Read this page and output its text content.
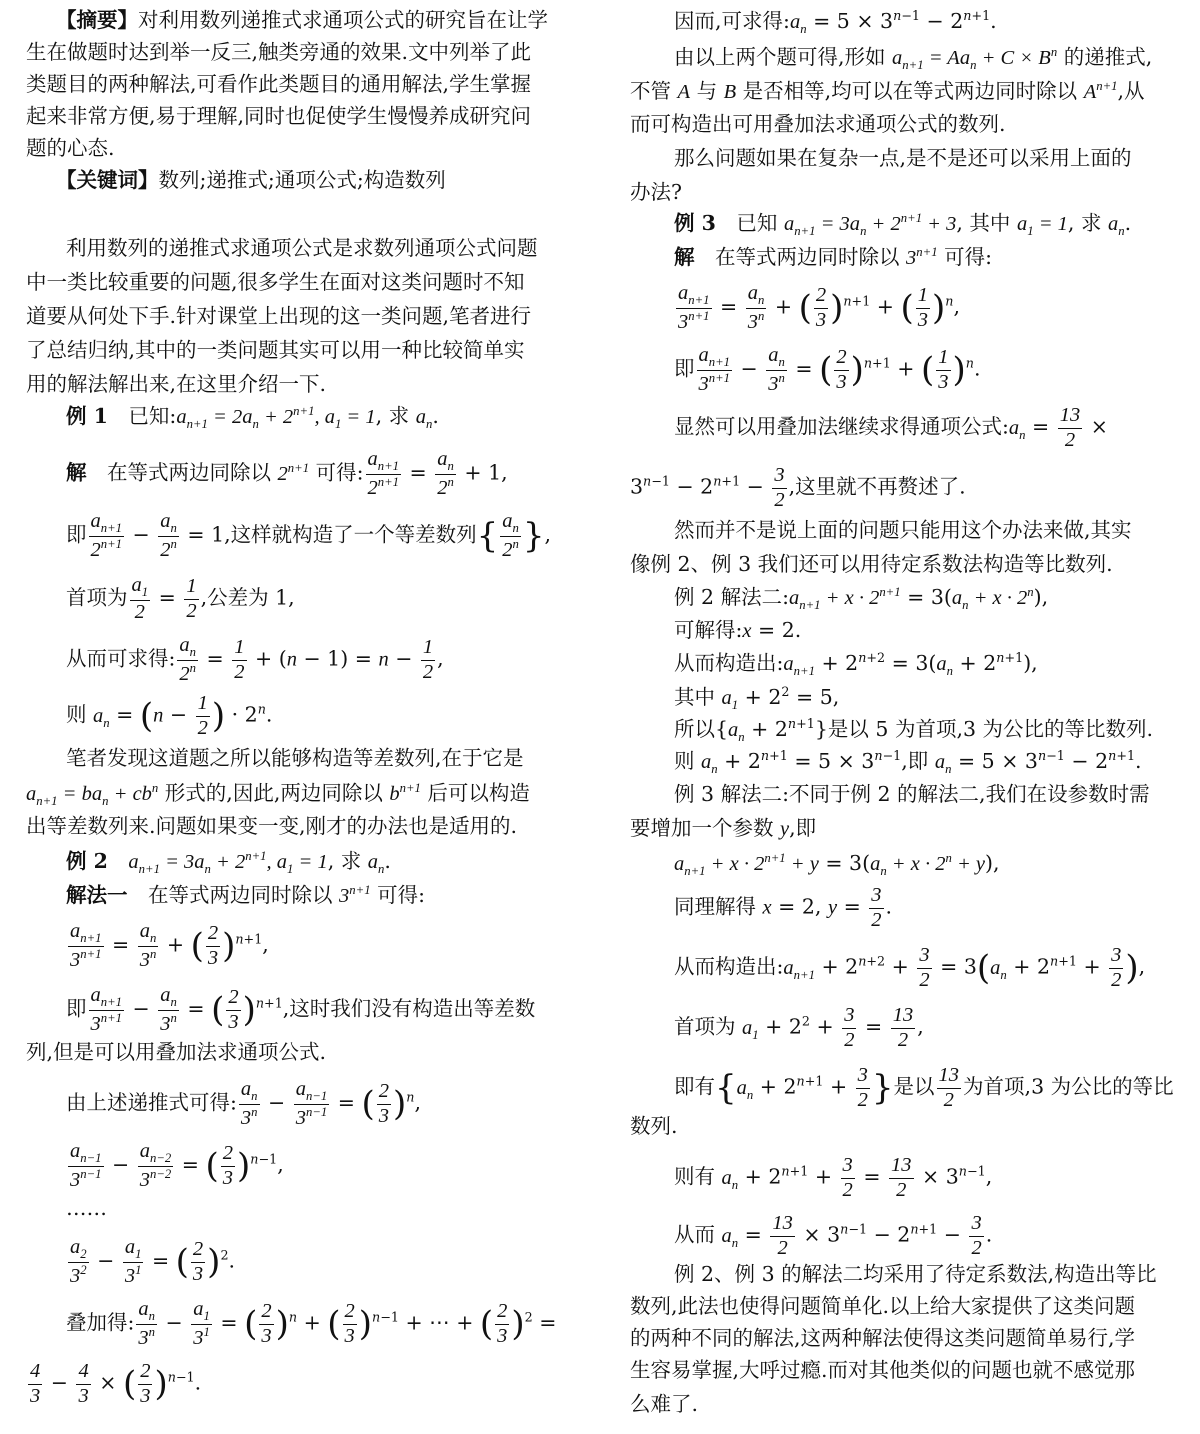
【摘要】对利用数列递推式求通项公式的研究旨在让学
生在做题时达到举一反三,触类旁通的效果.文中列举了此
类题目的两种解法,可看作此类题目的通用解法,学生掌握
起来非常方便,易于理解,同时也促使学生慢慢养成研究问
题的心态.
【关键词】数列;递推式;通项公式;构造数列
利用数列的递推式求通项公式是求数列通项公式问题
中一类比较重要的问题,很多学生在面对这类问题时不知
道要从何处下手.针对课堂上出现的这一类问题,笔者进行
了总结归纳,其中的一类问题其实可以用一种比较简单实
用的解法解出来,在这里介绍一下.
例 1　已知$:a_{n+1} = 2a_n + 2^{n+1}$, $a_1 = 1$, 求 $a_n$.
解　在等式两边同除以 $2^{n+1}$ 可得: $\frac{a_{n+1}}{2^{n+1}} = \frac{a_n}{2^n} + 1$,
即 $\frac{a_{n+1}}{2^{n+1}} - \frac{a_n}{2^n} = 1$,这样就构造了一个等差数列{ $\frac{a_n}{2^n}$ },
首项为 $\frac{a_1}{2} = \frac{1}{2}$ ,公差为 1,
从而可求得: $\frac{a_n}{2^n} = \frac{1}{2} + (n - 1) = n - \frac{1}{2}$ ,
则 $a_n = (n - \frac{1}{2}$ ) · $2^n$.
笔者发现这道题之所以能够构造等差数列,在于它是
$a_{n+1} = ba_n + cb^n$ 形式的,因此,两边同除以 $b^{n+1}$ 后可以构造
出等差数列来.问题如果变一变,刚才的办法也是适用的.
例 2　 $a_{n+1} = 3a_n + 2^{n+1}$, $a_1 = 1$, 求 $a_n$.
解法一　在等式两边同时除以 $3^{n+1}$ 可得:
$\frac{a_{n+1}}{3^{n+1}} = \frac{a_n}{3^n}$ + ( $\frac{2}{3} )^{n+1}$,
即 $\frac{a_{n+1}}{3^{n+1}} - \frac{a_n}{3^n}$ = ( $\frac{2}{3} )^{n+1}$,这时我们没有构造出等差数
列,但是可以用叠加法求通项公式.
由上述递推式可得: $\frac{a_n}{3^n} - \frac{a_{n-1}}{3^{n-1}}$ = ( $\frac{2}{3} )^n$,
$\frac{a_{n-1}}{3^{n-1}} - \frac{a_{n-2}}{3^{n-2}}$ = ( $\frac{2}{3} )^{n-1}$,
……
$\frac{a_2}{3^2} - \frac{a_1}{3^1}$ = ( $\frac{2}{3} )^2$.
叠加得: $\frac{a_n}{3^n} - \frac{a_1}{3^1}$ = ( $\frac{2}{3} )^n$ + ( $\frac{2}{3} )^{n-1}$ + ⋯ + ( $\frac{2}{3} )^2$ =
$\frac{4}{3} - \frac{4}{3}$ × ( $\frac{2}{3} )^{n-1}$.
因而,可求得$:a_n = 5 \times 3^{n-1} - 2^{n+1}$.
由以上两个题可得,形如 $a_{n+1} = Aa_n + C \times B^n$ 的递推式,
不管 A 与 B 是否相等,均可以在等式两边同时除以 $A^{n+1}$,从
而可构造出可用叠加法求通项公式的数列.
那么问题如果在复杂一点,是不是还可以采用上面的
办法?
例 3　已知 $a_{n+1} = 3a_n + 2^{n+1} + 3$, 其中 $a_1 = 1$, 求 $a_n$.
解　在等式两边同时除以 $3^{n+1}$ 可得:
$\frac{a_{n+1}}{3^{n+1}} = \frac{a_n}{3^n}$ + ( $\frac{2}{3} )^{n+1}$ + ( $\frac{1}{3} )^n$,
即 $\frac{a_{n+1}}{3^{n+1}} - \frac{a_n}{3^n}$ = ( $\frac{2}{3} )^{n+1}$ + ( $\frac{1}{3} )^n$.
显然可以用叠加法继续求得通项公式$:a_n = \frac{13}{2}$ ×
$3^{n-1} - 2^{n+1} - \frac{3}{2}$ ,这里就不再赘述了.
然而并不是说上面的问题只能用这个办法来做,其实
像例 2、例 3 我们还可以用待定系数法构造等比数列.
例 2 解法二$:a_{n+1} + x \cdot 2^{n+1} = 3(a_n + x \cdot 2^n)$,
可解得:x = 2.
从而构造出$:a_{n+1} + 2^{n+2} = 3(a_n + 2^{n+1})$,
其中 $a_1 + 2^2 = 5$,
所以$\{a_n + 2^{n+1}\}$是以 5 为首项,3 为公比的等比数列.
则 $a_n + 2^{n+1} = 5 \times 3^{n-1}$,即 $a_n = 5 \times 3^{n-1} - 2^{n+1}$.
例 3 解法二:不同于例 2 的解法二,我们在设参数时需
要增加一个参数 y,即
$a_{n+1} + x \cdot 2^{n+1} + y = 3(a_n + x \cdot 2^n + y)$,
同理解得 x = 2, $y = \frac{3}{2}$ .
从而构造出$:a_{n+1} + 2^{n+2} + \frac{3}{2} = 3(a_n + 2^{n+1} + \frac{3}{2}$ ),
首项为 $a_1 + 2^2 + \frac{3}{2} = \frac{13}{2}$ ,
即有{$a_n + 2^{n+1} + \frac{3}{2}$ }是以 $\frac{13}{2}$ 为首项,3 为公比的等比
数列.
则有 $a_n + 2^{n+1} + \frac{3}{2} = \frac{13}{2} \times 3^{n-1}$,
从而 $a_n = \frac{13}{2} \times 3^{n-1} - 2^{n+1} - \frac{3}{2}$ .
例 2、例 3 的解法二均采用了待定系数法,构造出等比
数列,此法也使得问题简单化.以上给大家提供了这类问题
的两种不同的解法,这两种解法使得这类问题简单易行,学
生容易掌握,大呼过瘾.而对其他类似的问题也就不感觉那
么难了.
